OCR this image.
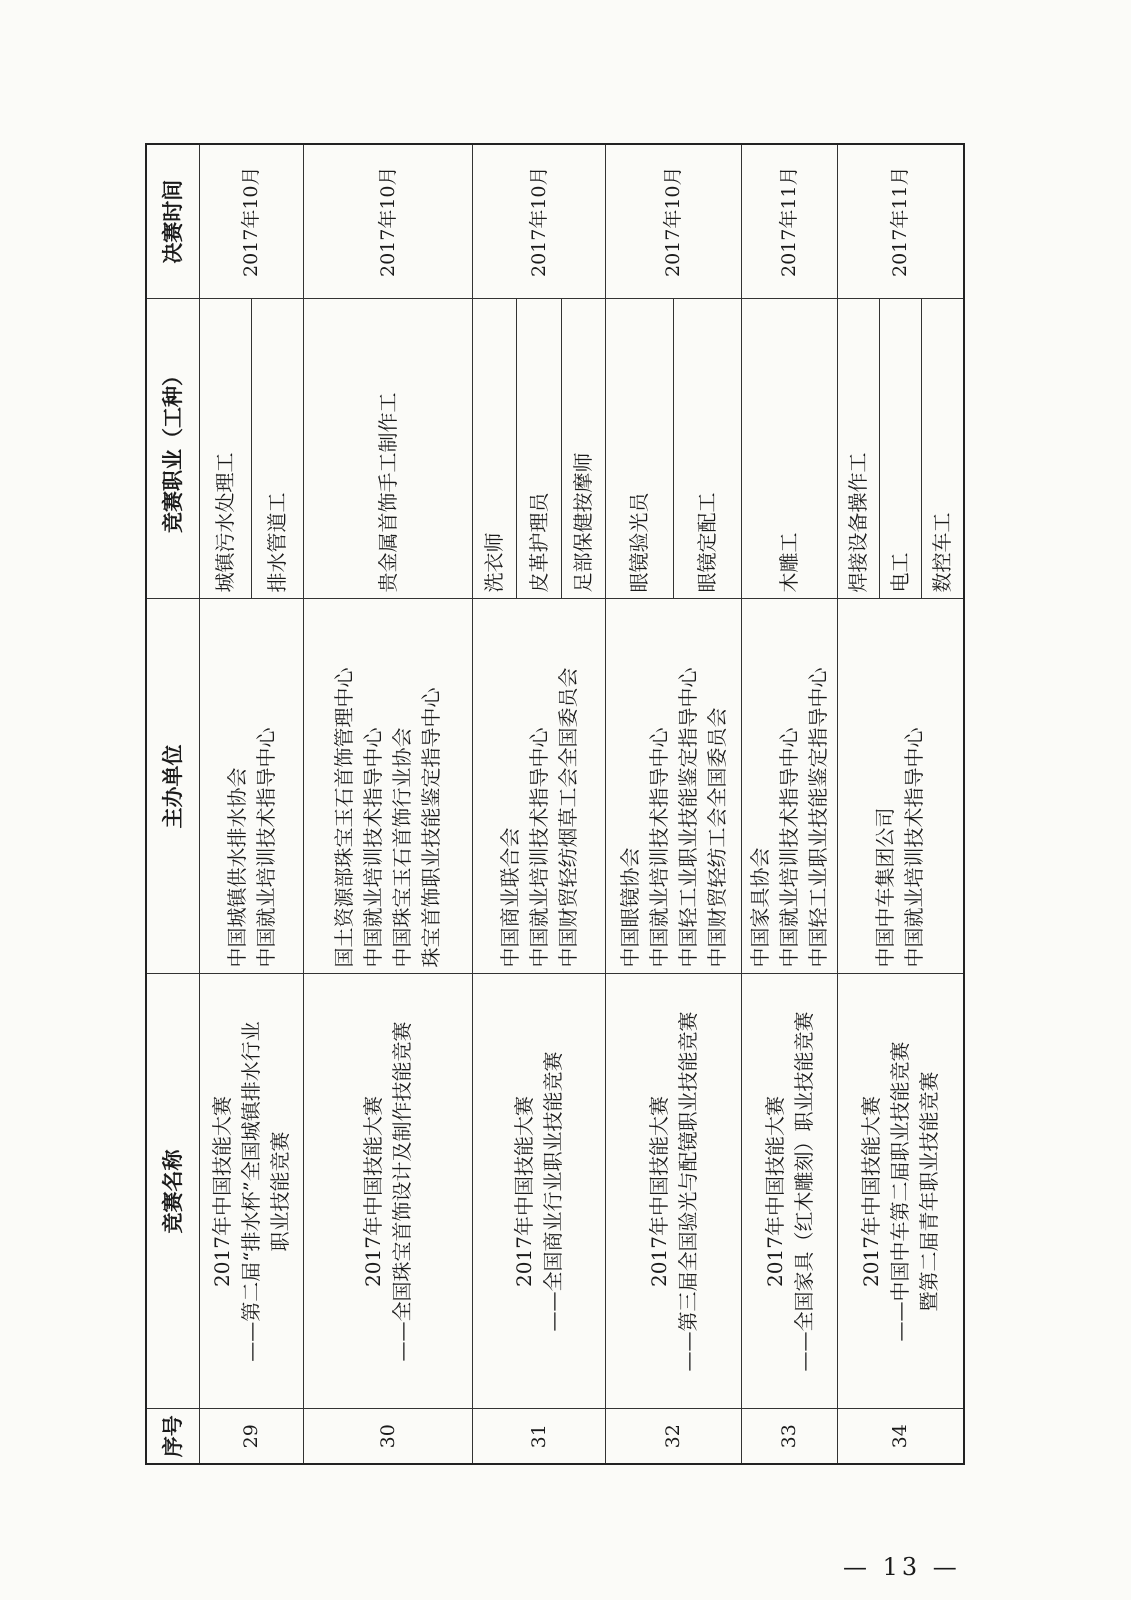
序号	竞赛名称	主办单位	竞赛职业（工种）	决赛时间
29	2017年中国技能大赛 ——第二届“排水杯”全国城镇排水行业 职业技能竞赛	中国城镇供水排水协会 中国就业培训技术指导中心	城镇污水处理工	2017年10月
			排水管道工	
30	2017年中国技能大赛 ——全国珠宝首饰设计及制作技能竞赛	国土资源部珠宝玉石首饰管理中心 中国就业培训技术指导中心 中国珠宝玉石首饰行业协会 珠宝首饰职业技能鉴定指导中心	贵金属首饰手工制作工	2017年10月
31	2017年中国技能大赛 ——全国商业行业职业技能竞赛	中国商业联合会 中国就业培训技术指导中心 中国财贸轻纺烟草工会全国委员会	洗衣师	2017年10月
			皮革护理员	
			足部保健按摩师	
32	2017年中国技能大赛 ——第三届全国验光与配镜职业技能竞赛	中国眼镜协会 中国就业培训技术指导中心 中国轻工业职业技能鉴定指导中心 中国财贸轻纺工会全国委员会	眼镜验光员	2017年10月
			眼镜定配工	
33	2017年中国技能大赛 ——全国家具（红木雕刻）职业技能竞赛	中国家具协会 中国就业培训技术指导中心 中国轻工业职业技能鉴定指导中心	木雕工	2017年11月
34	2017年中国技能大赛 ——中国中车第二届职业技能竞赛 暨第二届青年职业技能竞赛	中国中车集团公司 中国就业培训技术指导中心	焊接设备操作工	2017年11月
			电工	
			数控车工	
— 13 —
